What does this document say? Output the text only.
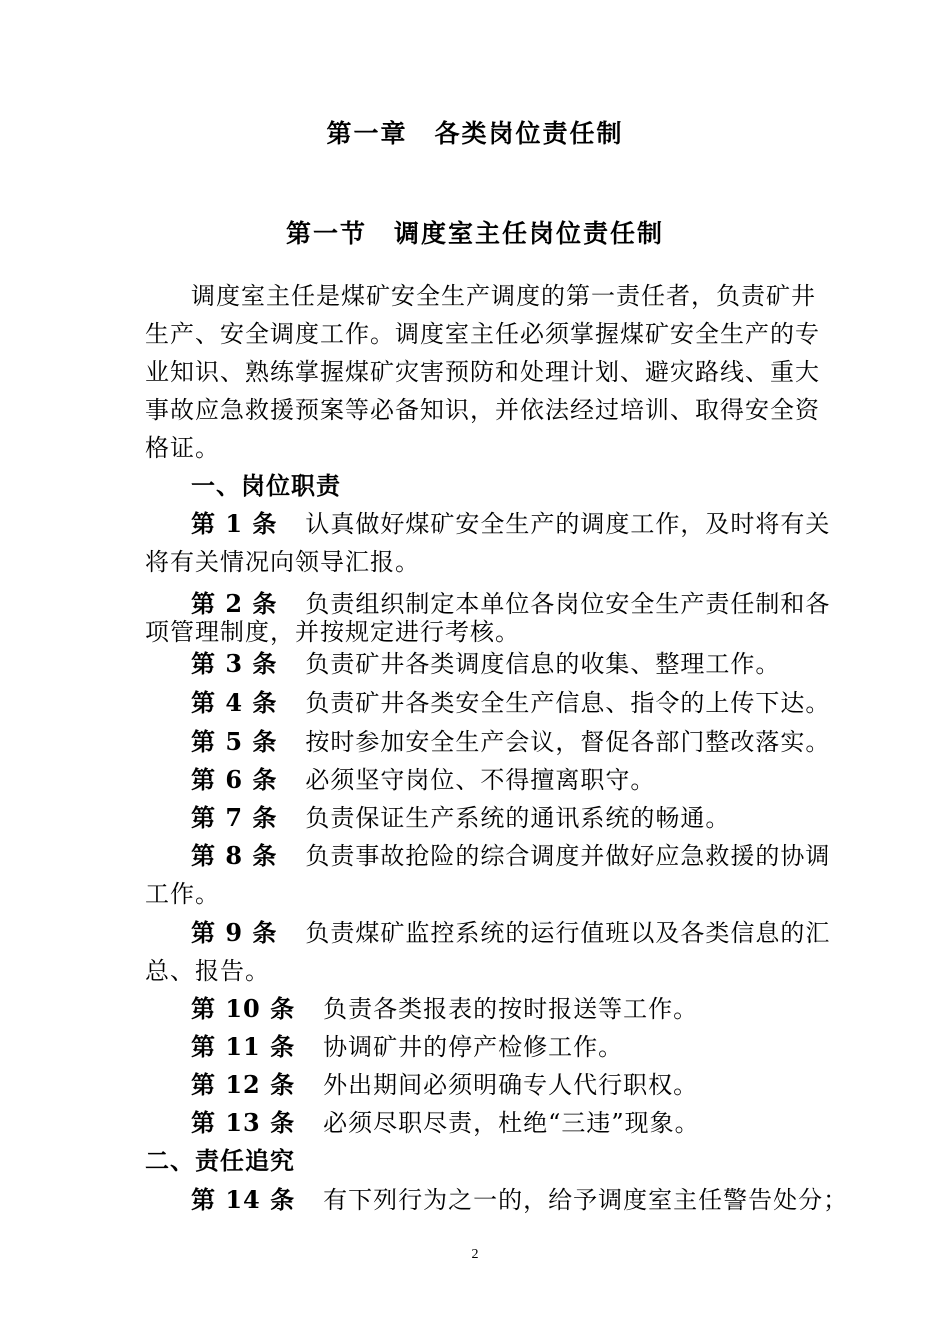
第一章　各类岗位责任制
第一节　调度室主任岗位责任制
调度室主任是煤矿安全生产调度的第一责任者，负责矿井
生产、安全调度工作。调度室主任必须掌握煤矿安全生产的专
业知识、熟练掌握煤矿灾害预防和处理计划、避灾路线、重大
事故应急救援预案等必备知识，并依法经过培训、取得安全资
格证。
一、岗位职责
第 1 条 认真做好煤矿安全生产的调度工作，及时将有关
将有关情况向领导汇报。
第 2 条 负责组织制定本单位各岗位安全生产责任制和各
项管理制度，并按规定进行考核。
第 3 条 负责矿井各类调度信息的收集、整理工作。
第 4 条 负责矿井各类安全生产信息、指令的上传下达。
第 5 条 按时参加安全生产会议，督促各部门整改落实。
第 6 条 必须坚守岗位、不得擅离职守。
第 7 条 负责保证生产系统的通讯系统的畅通。
第 8 条 负责事故抢险的综合调度并做好应急救援的协调
工作。
第 9 条 负责煤矿监控系统的运行值班以及各类信息的汇
总、报告。
第 10 条 负责各类报表的按时报送等工作。
第 11 条 协调矿井的停产检修工作。
第 12 条 外出期间必须明确专人代行职权。
第 13 条 必须尽职尽责，杜绝“三违”现象。
二、责任追究
第 14 条 有下列行为之一的，给予调度室主任警告处分；
2
